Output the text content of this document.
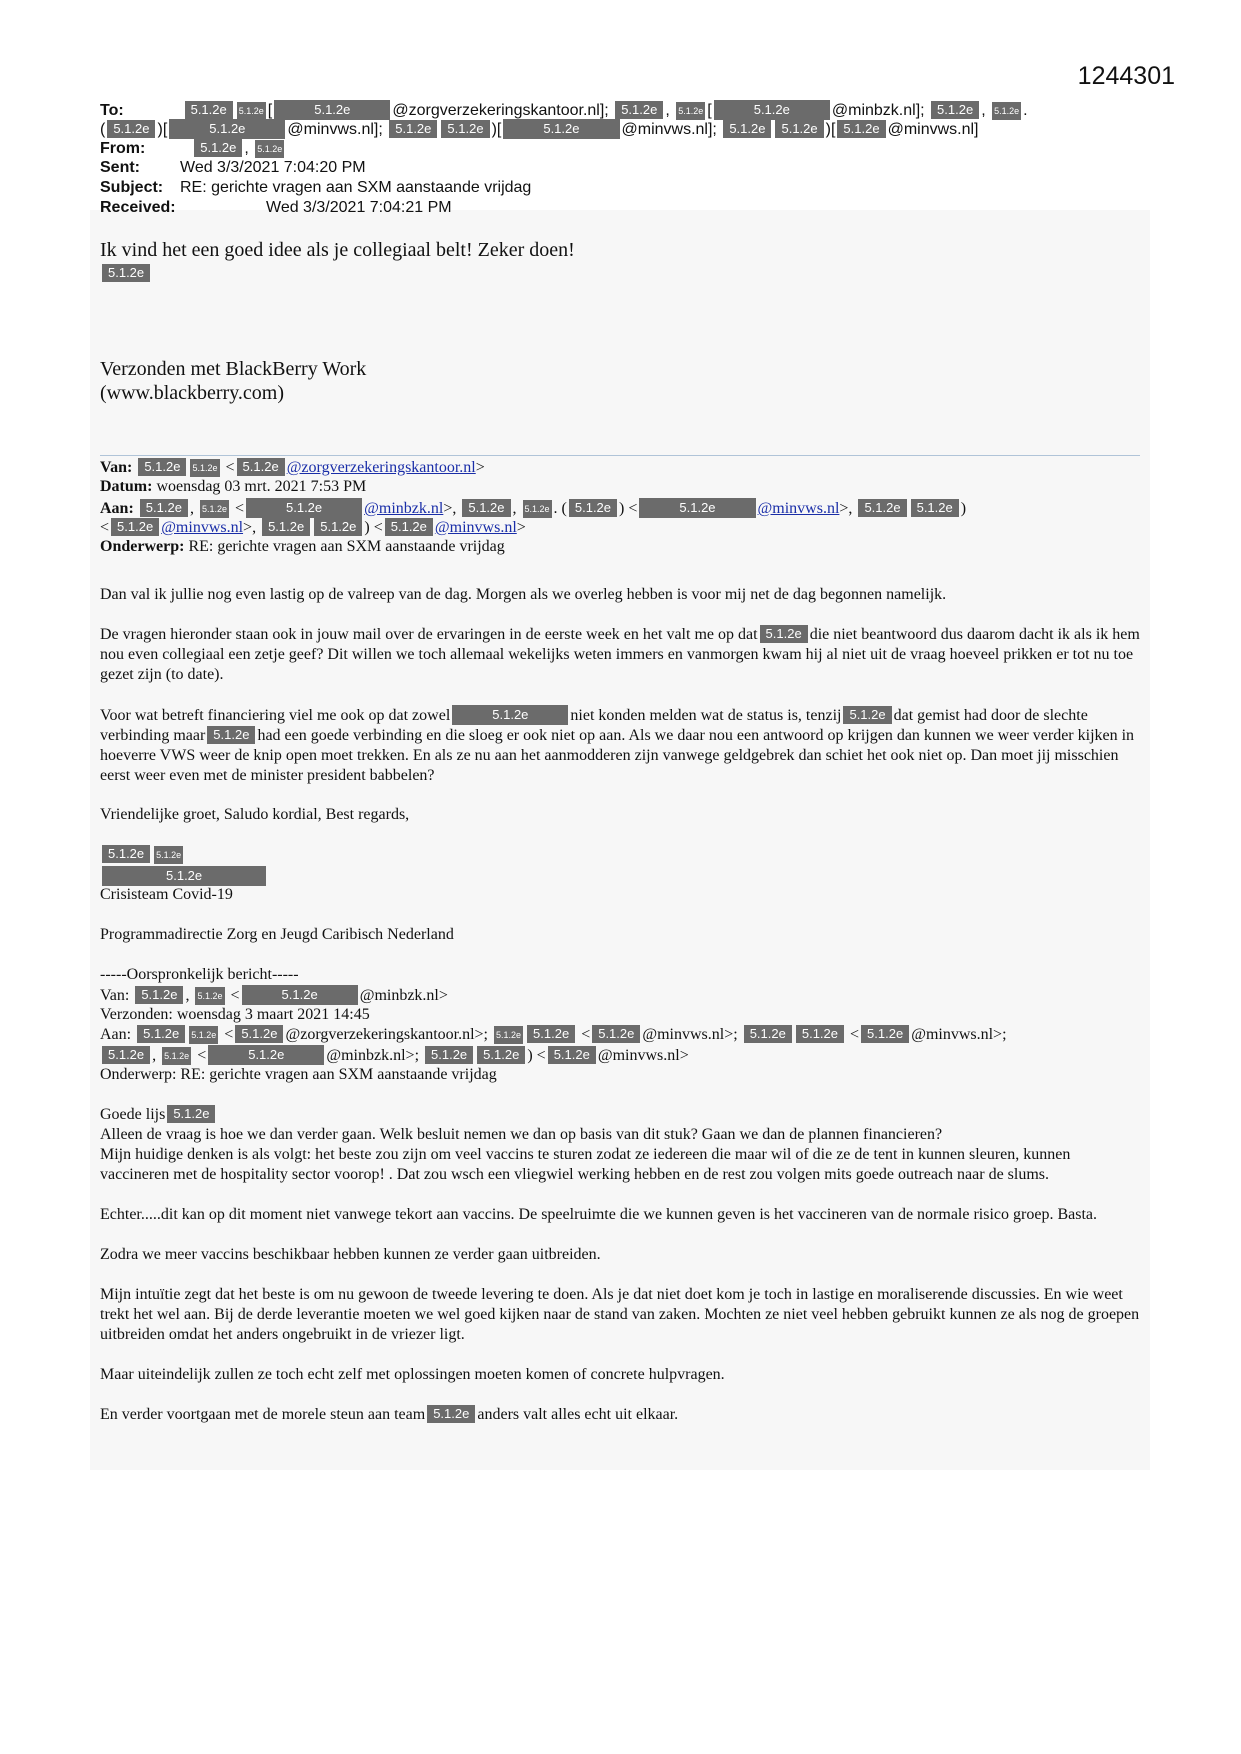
1244301
To:	5.1.2e 5.1.2e [	5.1.2e	@zorgverzekeringskantoor.nl]; 5.1.2e , 5.1.2e [	5.1.2e	@minbzk.nl]; 5.1.2e , 5.1.2e .
( 5.1.2e )[	5.1.2e	@minvws.nl]; 5.1.2e 5.1.2e )[	5.1.2e	@minvws.nl]; 5.1.2e 5.1.2e )[ 5.1.2e @minvws.nl]
From:	5.1.2e , 5.1.2e
Sent:	Wed 3/3/2021 7:04:20 PM
Subject: RE: gerichte vragen aan SXM aanstaande vrijdag
Received:	Wed 3/3/2021 7:04:21 PM
Ik vind het een goed idee als je collegiaal belt! Zeker doen!
5.1.2e
Verzonden met BlackBerry Work
(www.blackberry.com)
Van: 5.1.2e 5.1.2e < 5.1.2e @zorgverzekeringskantoor.nl>
Datum: woensdag 03 mrt. 2021 7:53 PM
Aan: 5.1.2e , 5.1.2e <	5.1.2e	@minbzk.nl>, 5.1.2e , 5.1.2e . ( 5.1.2e ) <	5.1.2e	@minvws.nl>, 5.1.2e 5.1.2e )
< 5.1.2e @minvws.nl>, 5.1.2e 5.1.2e ) < 5.1.2e @minvws.nl>
Onderwerp: RE: gerichte vragen aan SXM aanstaande vrijdag
Dan val ik jullie nog even lastig op de valreep van de dag. Morgen als we overleg hebben is voor mij net de dag begonnen namelijk.
De vragen hieronder staan ook in jouw mail over de ervaringen in de eerste week en het valt me op dat 5.1.2e die niet beantwoord dus daarom dacht ik als ik hem nou even collegiaal een zetje geef? Dit willen we toch allemaal wekelijks weten immers en vanmorgen kwam hij al niet uit de vraag hoeveel prikken er tot nu toe gezet zijn (to date).
Voor wat betreft financiering viel me ook op dat zowel	5.1.2e	niet konden melden wat de status is, tenzij 5.1.2e dat gemist had door de slechte verbinding maar 5.1.2e had een goede verbinding en die sloeg er ook niet op aan. Als we daar nou een antwoord op krijgen dan kunnen we weer verder kijken in hoeverre VWS weer de knip open moet trekken. En als ze nu aan het aanmodderen zijn vanwege geldgebrek dan schiet het ook niet op. Dan moet jij misschien eerst weer even met de minister president babbelen?
Vriendelijke groet, Saludo kordial, Best regards,
5.1.2e 5.1.2e
5.1.2e
Crisisteam Covid-19
Programmadirectie Zorg en Jeugd Caribisch Nederland
-----Oorspronkelijk bericht-----
Van: 5.1.2e , 5.1.2e <	5.1.2e	@minbzk.nl>
Verzonden: woensdag 3 maart 2021 14:45
Aan: 5.1.2e 5.1.2e < 5.1.2e @zorgverzekeringskantoor.nl>; 5.1.2e 5.1.2e < 5.1.2e @minvws.nl>; 5.1.2e 5.1.2e < 5.1.2e @minvws.nl>;
5.1.2e , 5.1.2e <	5.1.2e	@minbzk.nl>; 5.1.2e 5.1.2e ) < 5.1.2e @minvws.nl>
Onderwerp: RE: gerichte vragen aan SXM aanstaande vrijdag
Goede lijs 5.1.2e
Alleen de vraag is hoe we dan verder gaan. Welk besluit nemen we dan op basis van dit stuk? Gaan we dan de plannen financieren?
Mijn huidige denken is als volgt: het beste zou zijn om veel vaccins te sturen zodat ze iedereen die maar wil of die ze de tent in kunnen sleuren, kunnen vaccineren met de hospitality sector voorop! . Dat zou wsch een vliegwiel werking hebben en de rest zou volgen mits goede outreach naar de slums.
Echter.....dit kan op dit moment niet vanwege tekort aan vaccins. De speelruimte die we kunnen geven is het vaccineren van de normale risico groep. Basta.
Zodra we meer vaccins beschikbaar hebben kunnen ze verder gaan uitbreiden.
Mijn intuïtie zegt dat het beste is om nu gewoon de tweede levering te doen. Als je dat niet doet kom je toch in lastige en moraliserende discussies. En wie weet trekt het wel aan. Bij de derde leverantie moeten we wel goed kijken naar de stand van zaken. Mochten ze niet veel hebben gebruikt kunnen ze als nog de groepen uitbreiden omdat het anders ongebruikt in de vriezer ligt.
Maar uiteindelijk zullen ze toch echt zelf met oplossingen moeten komen of concrete hulpvragen.
En verder voortgaan met de morele steun aan team 5.1.2e anders valt alles echt uit elkaar.
